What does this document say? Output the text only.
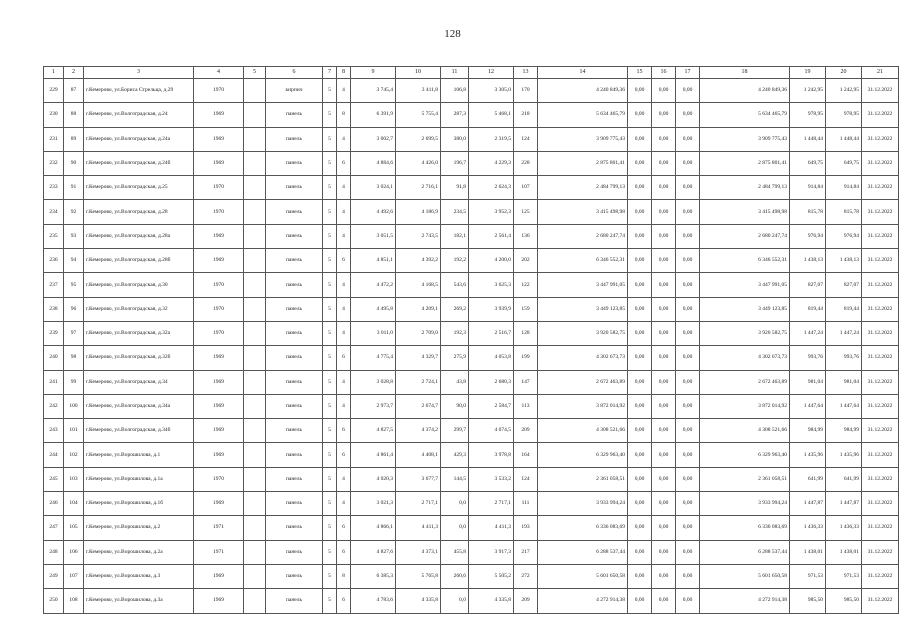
128
1	2	3	4	5	6	7	8	9	10	11	12	13	14	15	16	17	18	19	20	21
229	87	г.Кемерово, ул.Бориса Стрельца, д.29	1970		кирпич	5	4	3 745,4	3 411,8	106,8	3 305,0	170	4 240 849,36	0,00	0,00	0,00	4 240 849,36	1 242,95	1 242,95	31.12.2022
230	88	г.Кемерово, ул.Волгоградская, д.24	1969		панель	5	8	6 391,9	5 755,4	287,3	5 468,1	218	5 634 465,79	0,00	0,00	0,00	5 634 465,79	978,95	978,95	31.12.2022
231	89	г.Кемерово, ул.Волгоградская, д.24а	1969		панель	5	4	3 002,7	2 699,5	380,0	2 319,5	124	3 909 775,43	0,00	0,00	0,00	3 909 775,43	1 448,44	1 448,44	31.12.2022
232	90	г.Кемерово, ул.Волгоградская, д.24б	1969		панель	5	6	4 884,6	4 426,0	196,7	4 229,3	228	2 875 801,41	0,00	0,00	0,00	2 875 801,41	649,75	649,75	31.12.2022
233	91	г.Кемерово, ул.Волгоградская, д.25	1970		панель	5	4	3 024,1	2 716,1	91,8	2 624,3	107	2 484 799,13	0,00	0,00	0,00	2 484 799,13	914,84	914,84	31.12.2022
234	92	г.Кемерово, ул.Волгоградская, д.28	1970		панель	5	4	4 492,6	4 186,9	234,5	3 952,3	125	3 415 498,98	0,00	0,00	0,00	3 415 498,98	815,78	815,78	31.12.2022
235	93	г.Кемерово, ул.Волгоградская, д.28а	1969		панель	5	4	3 051,5	2 743,5	182,1	2 561,4	136	2 680 247,74	0,00	0,00	0,00	2 680 247,74	976,94	976,94	31.12.2022
236	94	г.Кемерово, ул.Волгоградская, д.28б	1969		панель	5	6	4 851,1	4 392,2	192,2	4 200,0	202	6 346 552,31	0,00	0,00	0,00	6 346 552,31	1 438,13	1 438,13	31.12.2022
237	95	г.Кемерово, ул.Волгоградская, д.30	1970		панель	5	4	4 472,2	4 168,5	543,6	3 625,3	122	3 447 991,05	0,00	0,00	0,00	3 447 991,05	827,07	827,07	31.12.2022
238	96	г.Кемерово, ул.Волгоградская, д.32	1970		панель	5	4	4 495,8	4 209,1	269,2	3 939,9	159	3 449 123,85	0,00	0,00	0,00	3 449 123,85	819,44	819,44	31.12.2022
239	97	г.Кемерово, ул.Волгоградская, д.32а	1970		панель	5	4	3 011,0	2 709,0	192,3	2 516,7	128	3 920 582,75	0,00	0,00	0,00	3 920 582,75	1 447,24	1 447,24	31.12.2022
240	98	г.Кемерово, ул.Волгоградская, д.32б	1969		панель	5	6	4 775,4	4 329,7	275,9	4 053,8	199	4 302 673,73	0,00	0,00	0,00	4 302 673,73	993,76	993,76	31.12.2022
241	99	г.Кемерово, ул.Волгоградская, д.34	1969		панель	5	4	3 028,8	2 724,1	43,8	2 680,3	147	2 672 463,89	0,00	0,00	0,00	2 672 463,89	981,04	981,04	31.12.2022
242	100	г.Кемерово, ул.Волгоградская, д.34а	1969		панель	5	4	2 973,7	2 674,7	90,0	2 584,7	113	3 872 014,92	0,00	0,00	0,00	3 872 014,92	1 447,64	1 447,64	31.12.2022
243	101	г.Кемерово, ул.Волгоградская, д.34б	1969		панель	5	6	4 827,5	4 374,2	299,7	4 074,5	209	4 308 521,66	0,00	0,00	0,00	4 308 521,66	984,99	984,99	31.12.2022
244	102	г.Кемерово, ул.Ворошилова, д.1	1969		панель	5	6	4 861,4	4 408,1	429,3	3 978,8	164	6 329 963,40	0,00	0,00	0,00	6 329 963,40	1 435,96	1 435,96	31.12.2022
245	103	г.Кемерово, ул.Ворошилова, д.1а	1970		панель	5	4	4 020,3	3 677,7	144,5	3 533,2	124	2 361 058,51	0,00	0,00	0,00	2 361 058,51	641,99	641,99	31.12.2022
246	104	г.Кемерово, ул.Ворошилова, д.1б	1969		панель	5	4	3 021,3	2 717,1	0,0	2 717,1	111	3 933 994,24	0,00	0,00	0,00	3 933 994,24	1 447,87	1 447,87	31.12.2022
247	105	г.Кемерово, ул.Ворошилова, д.2	1971		панель	5	6	4 866,1	4 411,3	0,0	4 411,3	193	6 336 083,69	0,00	0,00	0,00	6 336 083,69	1 436,33	1 436,33	31.12.2022
248	106	г.Кемерово, ул.Ворошилова, д.2а	1971		панель	5	6	4 827,6	4 373,1	455,8	3 917,3	217	6 288 537,44	0,00	0,00	0,00	6 288 537,44	1 438,01	1 438,01	31.12.2022
249	107	г.Кемерово, ул.Ворошилова, д.3	1969		панель	5	8	6 385,3	5 765,8	260,6	5 505,2	272	5 601 650,58	0,00	0,00	0,00	5 601 650,58	971,53	971,53	31.12.2022
250	108	г.Кемерово, ул.Ворошилова, д.3а	1969		панель	5	6	4 783,6	4 335,8	0,0	4 335,8	209	4 272 914,38	0,00	0,00	0,00	4 272 914,38	985,50	985,50	31.12.2022
